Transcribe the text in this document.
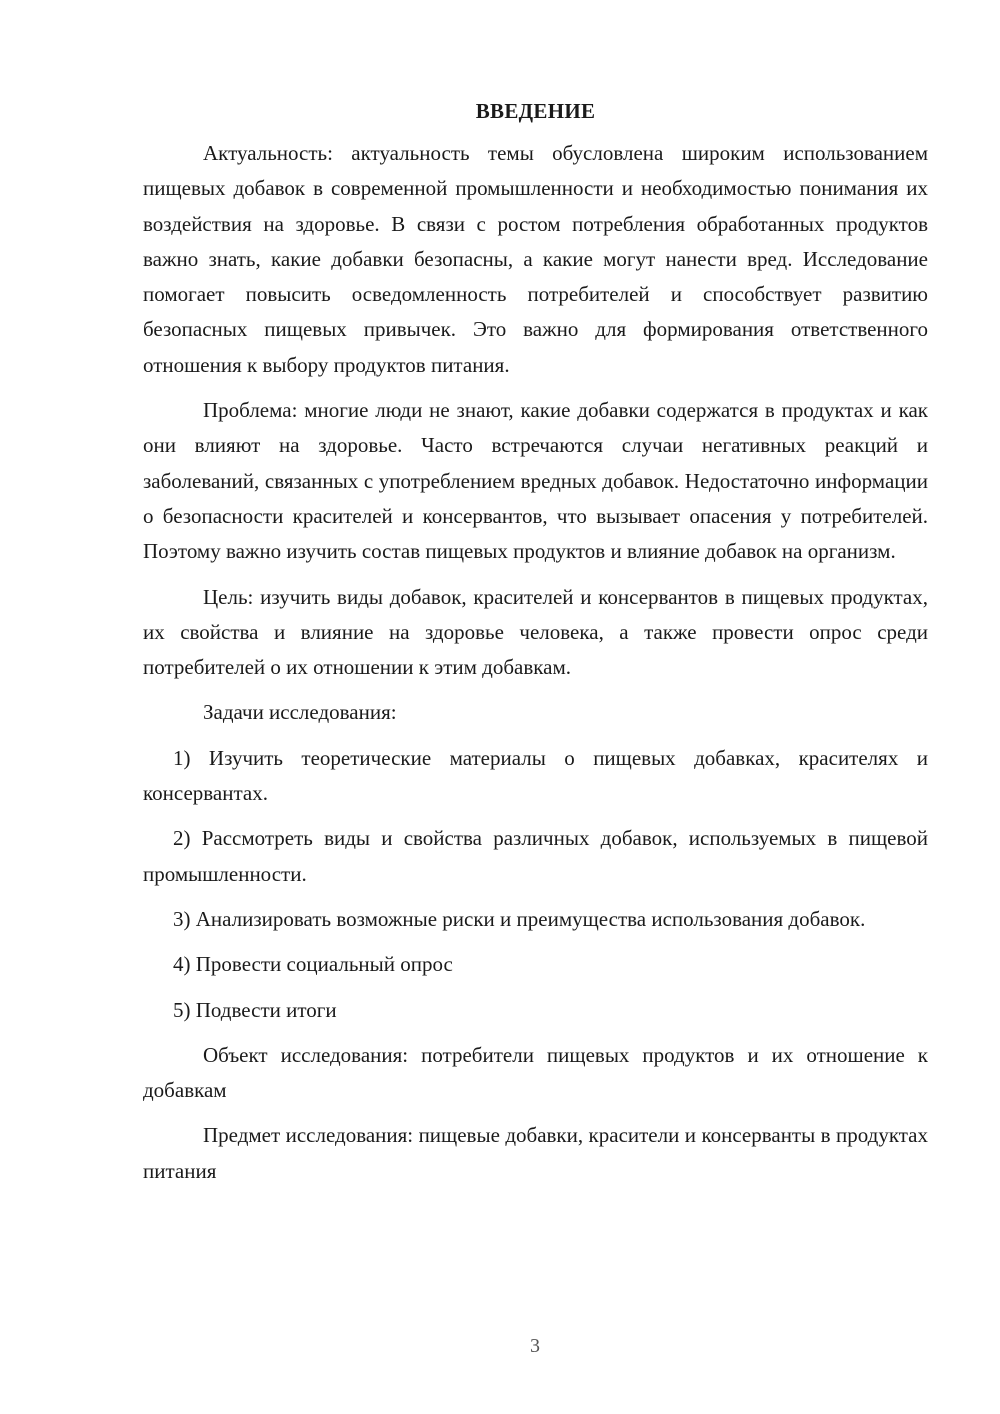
ВВЕДЕНИЕ

Актуальность: актуальность темы обусловлена широким использованием пищевых добавок в современной промышленности и необходимостью понимания их воздействия на здоровье. В связи с ростом потребления обработанных продуктов важно знать, какие добавки безопасны, а какие могут нанести вред. Исследование помогает повысить осведомленность потребителей и способствует развитию безопасных пищевых привычек. Это важно для формирования ответственного отношения к выбору продуктов питания.

Проблема: многие люди не знают, какие добавки содержатся в продуктах и как они влияют на здоровье. Часто встречаются случаи негативных реакций и заболеваний, связанных с употреблением вредных добавок. Недостаточно информации о безопасности красителей и консервантов, что вызывает опасения у потребителей. Поэтому важно изучить состав пищевых продуктов и влияние добавок на организм.

Цель: изучить виды добавок, красителей и консервантов в пищевых продуктах, их свойства и влияние на здоровье человека, а также провести опрос среди потребителей о их отношении к этим добавкам.

Задачи исследования:

1) Изучить теоретические материалы о пищевых добавках, красителях и консервантах.

2) Рассмотреть виды и свойства различных добавок, используемых в пищевой промышленности.

3) Анализировать возможные риски и преимущества использования добавок.

4) Провести социальный опрос

5) Подвести итоги

Объект исследования: потребители пищевых продуктов и их отношение к добавкам

Предмет исследования: пищевые добавки, красители и консерванты в продуктах питания

3
